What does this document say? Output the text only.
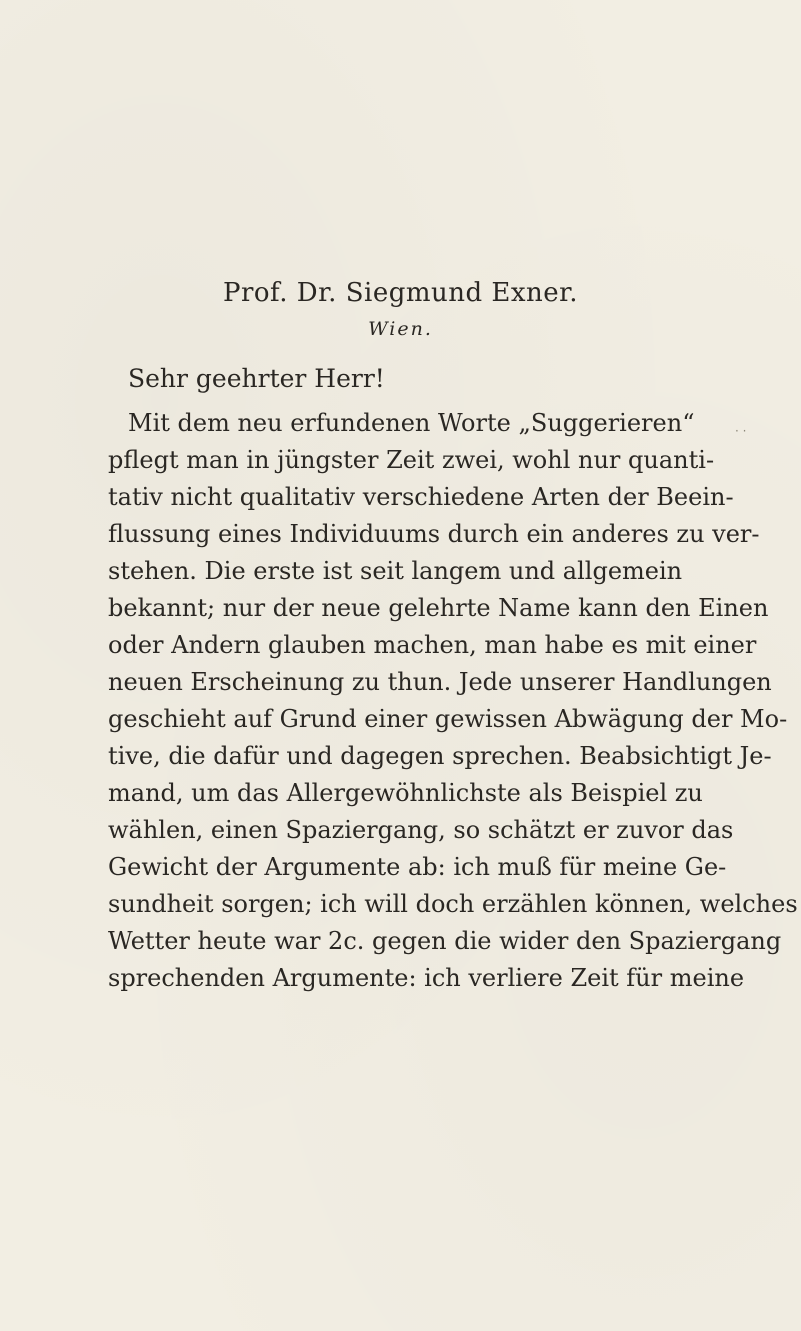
Prof. Dr. Siegmund Exner.
Wien.
Sehr geehrter Herr!
· ·
Mit dem neu erfundenen Worte „Suggerieren“
pflegt man in jüngster Zeit zwei, wohl nur quanti-
tativ nicht qualitativ verschiedene Arten der Beein-
flussung eines Individuums durch ein anderes zu ver-
stehen. Die erste ist seit langem und allgemein
bekannt; nur der neue gelehrte Name kann den Einen
oder Andern glauben machen, man habe es mit einer
neuen Erscheinung zu thun. Jede unserer Handlungen
geschieht auf Grund einer gewissen Abwägung der Mo-
tive, die dafür und dagegen sprechen. Beabsichtigt Je-
mand, um das Allergewöhnlichste als Beispiel zu
wählen, einen Spaziergang, so schätzt er zuvor das
Gewicht der Argumente ab: ich muß für meine Ge-
sundheit sorgen; ich will doch erzählen können, welches
Wetter heute war 2c. gegen die wider den Spaziergang
sprechenden Argumente: ich verliere Zeit für meine
